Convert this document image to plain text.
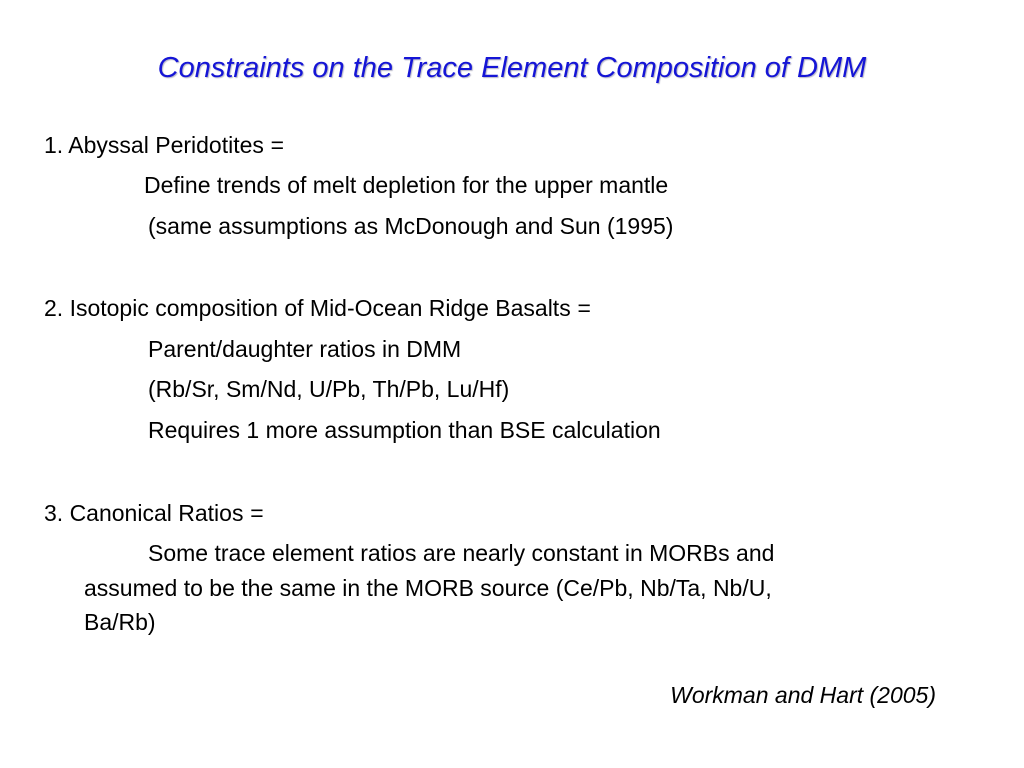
Constraints on the Trace Element Composition of DMM
1. Abyssal Peridotites =
Define trends of melt depletion for the upper mantle
(same assumptions as McDonough and Sun (1995)
2. Isotopic composition of Mid-Ocean Ridge Basalts =
Parent/daughter ratios in DMM
(Rb/Sr, Sm/Nd, U/Pb, Th/Pb, Lu/Hf)
Requires 1 more assumption than BSE calculation
3. Canonical Ratios =
Some trace element ratios are nearly constant in MORBs and
assumed to be the same in the MORB source (Ce/Pb, Nb/Ta, Nb/U,
Ba/Rb)
Workman and Hart (2005)
